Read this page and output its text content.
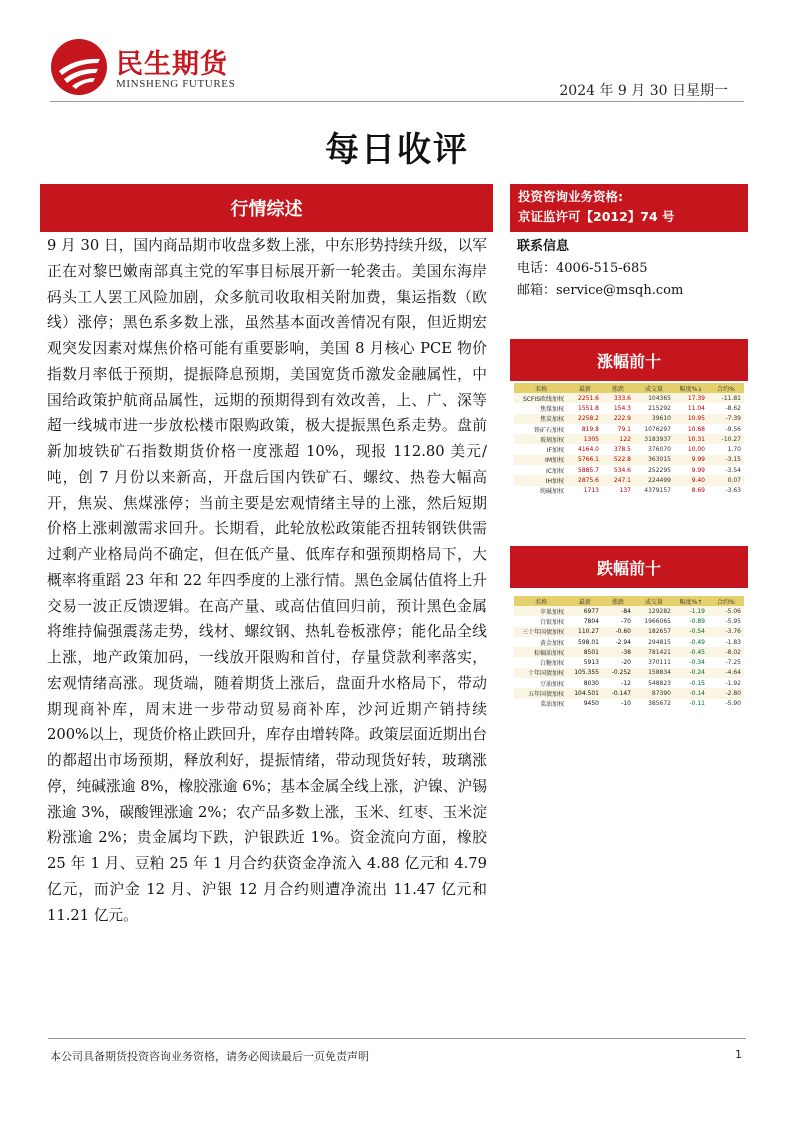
民生期货
MINSHENG FUTURES	2024 年 9 月 30 日星期一
每日收评
行情综述

9 月 30 日，国内商品期市收盘多数上涨，中东形势持续升级，以军正在对黎巴嫩南部真主党的军事目标展开新一轮袭击。美国东海岸码头工人罢工风险加剧，众多航司收取相关附加费，集运指数（欧线）涨停；黑色系多数上涨，虽然基本面改善情况有限，但近期宏观突发因素对煤焦价格可能有重要影响，美国 8 月核心 PCE 物价指数月率低于预期，提振降息预期，美国宽货币激发金融属性，中国给政策护航商品属性，远期的预期得到有效改善，上、广、深等超一线城市进一步放松楼市限购政策，极大提振黑色系走势。盘前新加坡铁矿石指数期货价格一度涨超 10%，现报 112.80 美元/吨，创 7 月份以来新高，开盘后国内铁矿石、螺纹、热卷大幅高开，焦炭、焦煤涨停；当前主要是宏观情绪主导的上涨，然后短期价格上涨刺激需求回升。长期看，此轮放松政策能否扭转钢铁供需过剩产业格局尚不确定，但在低产量、低库存和强预期格局下，大概率将重蹈 23 年和 22 年四季度的上涨行情。黑色金属估值将上升交易一波正反馈逻辑。在高产量、或高估值回归前，预计黑色金属将维持偏强震荡走势，线材、螺纹钢、热轧卷板涨停；能化品全线上涨，地产政策加码，一线放开限购和首付，存量贷款利率落实，宏观情绪高涨。现货端，随着期货上涨后，盘面升水格局下，带动期现商补库，周末进一步带动贸易商补库，沙河近期产销持续 200%以上，现货价格止跌回升，库存由增转降。政策层面近期出台的都超出市场预期，释放利好，提振情绪，带动现货好转，玻璃涨停，纯碱涨逾 8%，橡胶涨逾 6%；基本金属全线上涨，沪镍、沪锡涨逾 3%，碳酸锂涨逾 2%；农产品多数上涨，玉米、红枣、玉米淀粉涨逾 2%；贵金属均下跌，沪银跌近 1%。资金流向方面，橡胶 25 年 1 月、豆粕 25 年 1 月合约获资金净流入 4.88 亿元和 4.79 亿元，而沪金 12 月、沪银 12 月合约则遭净流出 11.47 亿元和 11.21 亿元。

投资咨询业务资格:
京证监许可【2012】74 号
联系信息
电话：4006-515-685
邮箱：service@msqh.com
涨幅前十
名称	最新	涨跌	成交量	幅度%↓	合约%
SCFIS欧线加权	2251.6	333.6	104365	17.39	-11.81
焦煤加权	1551.8	154.3	215292	11.04	-8.62
焦炭加权	2258.2	222.9	39610	10.95	-7.39
铁矿石加权	819.8	79.1	1076297	10.68	-9.56
玻璃加权	1305	122	3183937	10.31	-10.27
IF加权	4164.0	378.5	376070	10.00	1.70
IM加权	5766.1	522.8	363015	9.99	-3.15
IC加权	5885.7	534.6	252295	9.99	-3.54
IH加权	2875.6	247.1	224499	9.40	0.07
纯碱加权	1713	137	4379157	8.69	-3.63
跌幅前十
名称	最新	涨跌	成交量	幅度%↑	合约%
苹果加权	6977	-84	129282	-1.19	-5.06
白银加权	7804	-70	1966065	-0.89	-5.95
三十年国债加权	110.27	-0.60	182657	-0.54	-3.76
黄金加权	598.01	-2.94	294815	-0.49	-1.83
棕榈油加权	8501	-38	781421	-0.45	-8.02
白糖加权	5913	-20	370111	-0.34	-7.25
十年国债加权	105.355	-0.252	158834	-0.24	-4.64
豆油加权	8030	-12	548823	-0.15	-1.92
五年国债加权	104.501	-0.147	87390	-0.14	-2.80
菜油加权	9450	-10	385672	-0.11	-5.90
本公司具备期货投资咨询业务资格，请务必阅读最后一页免责声明	1
